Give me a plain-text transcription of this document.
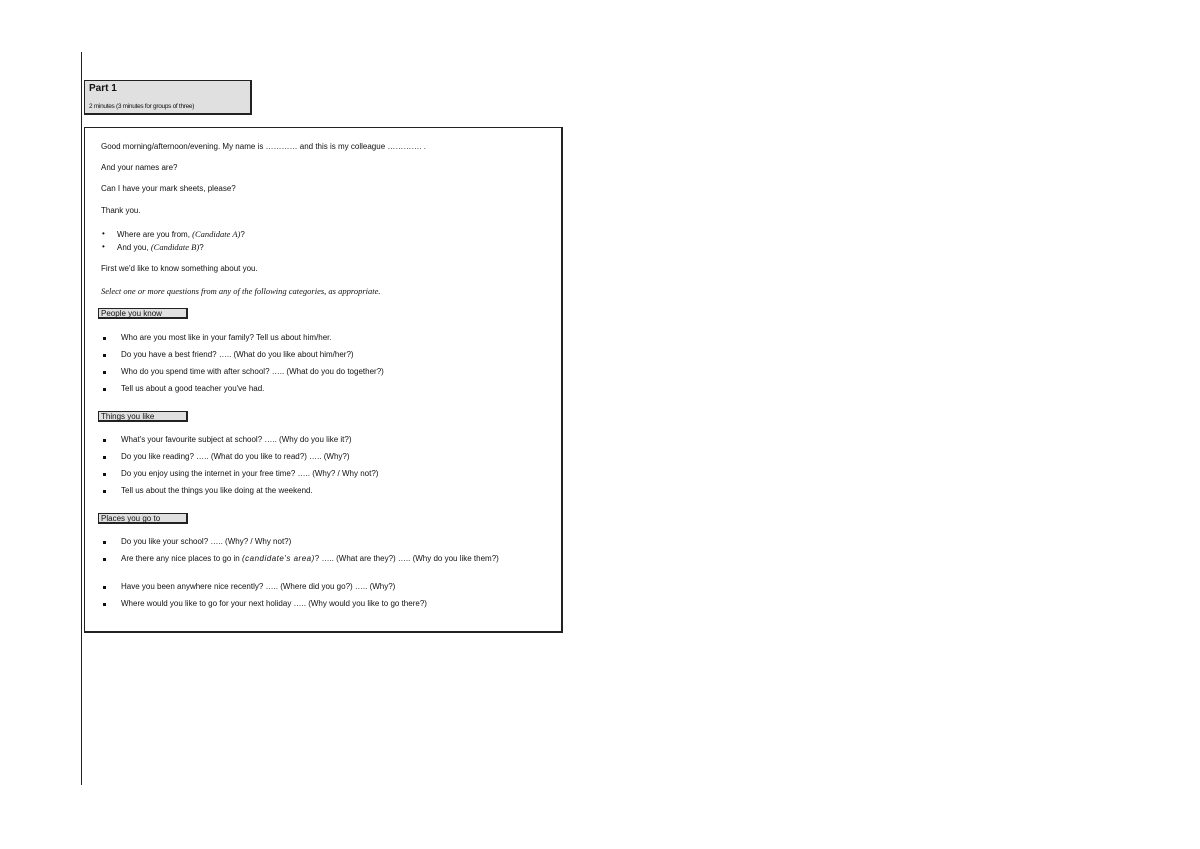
Part 1
2 minutes (3 minutes for groups of three)
Good morning/afternoon/evening. My name is ………… and this is my colleague …………. .
And your names are?
Can I have your mark sheets, please?
Thank you.
• Where are you from, (Candidate A)?
• And you, (Candidate B)?
First we'd like to know something about you.
Select one or more questions from any of the following categories, as appropriate.
People you know
Who are you most like in your family? Tell us about him/her.
Do you have a best friend? ….. (What do you like about him/her?)
Who do you spend time with after school? ….. (What do you do together?)
Tell us about a good teacher you've had.
Things you like
What's your favourite subject at school? ….. (Why do you like it?)
Do you like reading? ….. (What do you like to read?) ….. (Why?)
Do you enjoy using the internet in your free time? ….. (Why? / Why not?)
Tell us about the things you like doing at the weekend.
Places you go to
Do you like your school? ….. (Why? / Why not?)
Are there any nice places to go in (candidate's area)? ….. (What are they?) ….. (Why do you like them?)
Have you been anywhere nice recently? ….. (Where did you go?) ….. (Why?)
Where would you like to go for your next holiday ….. (Why would you like to go there?)
